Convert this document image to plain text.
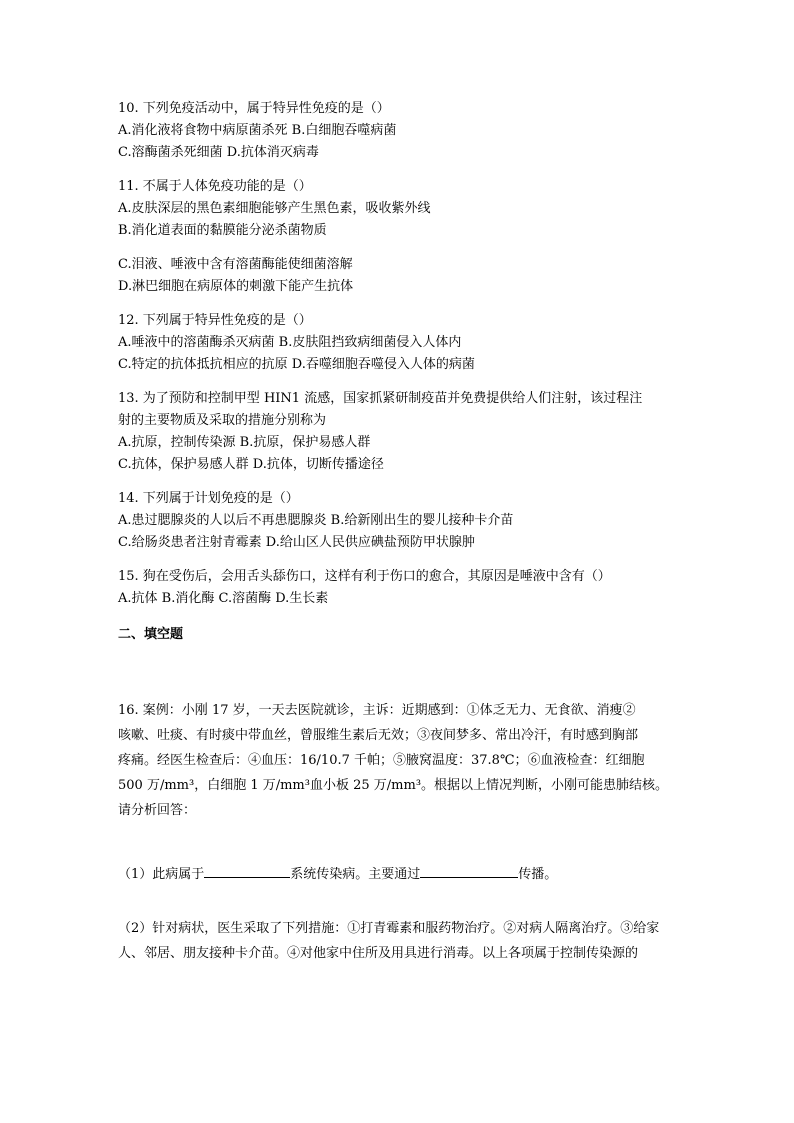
10. 下列免疫活动中，属于特异性免疫的是（）
A.消化液将食物中病原菌杀死 B.白细胞吞噬病菌
C.溶酶菌杀死细菌 D.抗体消灭病毒
11. 不属于人体免疫功能的是（）
A.皮肤深层的黑色素细胞能够产生黑色素，吸收紫外线
B.消化道表面的黏膜能分泌杀菌物质
C.泪液、唾液中含有溶菌酶能使细菌溶解
D.淋巴细胞在病原体的刺激下能产生抗体
12. 下列属于特异性免疫的是（）
A.唾液中的溶菌酶杀灭病菌 B.皮肤阻挡致病细菌侵入人体内
C.特定的抗体抵抗相应的抗原 D.吞噬细胞吞噬侵入人体的病菌
13. 为了预防和控制甲型 HIN1 流感，国家抓紧研制疫苗并免费提供给人们注射，该过程注
射的主要物质及采取的措施分别称为
A.抗原，控制传染源 B.抗原，保护易感人群
C.抗体，保护易感人群 D.抗体，切断传播途径
14. 下列属于计划免疫的是（）
A.患过腮腺炎的人以后不再患腮腺炎 B.给新刚出生的婴儿接种卡介苗
C.给肠炎患者注射青霉素 D.给山区人民供应碘盐预防甲状腺肿
15. 狗在受伤后，会用舌头舔伤口，这样有利于伤口的愈合，其原因是唾液中含有（）
A.抗体 B.消化酶 C.溶菌酶 D.生长素
二、填空题
16. 案例：小刚 17 岁，一天去医院就诊，主诉：近期感到：①体乏无力、无食欲、消瘦②
咳嗽、吐痰、有时痰中带血丝，曾服维生素后无效；③夜间梦多、常出冷汗，有时感到胸部
疼痛。经医生检查后：④血压：16/10.7 千帕；⑤腋窝温度：37.8℃；⑥血液检查：红细胞
500 万/mm³，白细胞 1 万/mm³血小板 25 万/mm³。根据以上情况判断，小刚可能患肺结核。
请分析回答：
（1）此病属于	系统传染病。主要通过	传播。
（2）针对病状，医生采取了下列措施：①打青霉素和服药物治疗。②对病人隔离治疗。③给家
人、邻居、朋友接种卡介苗。④对他家中住所及用具进行消毒。以上各项属于控制传染源的
